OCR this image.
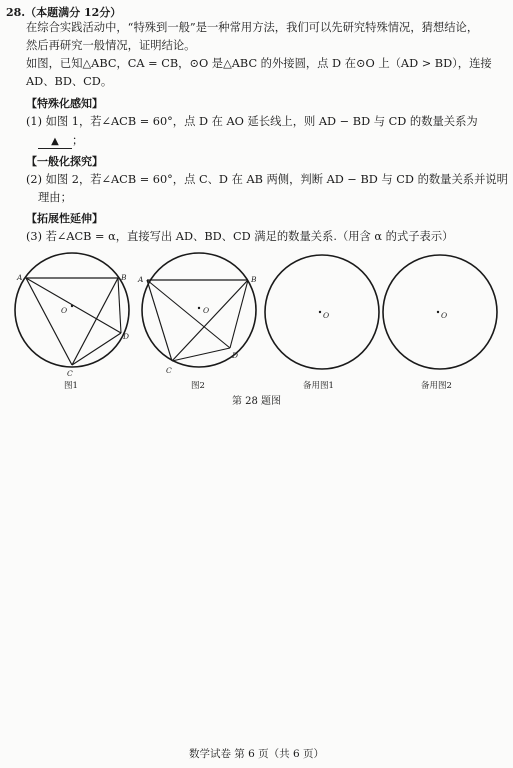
28.（本题满分 12分）
在综合实践活动中，“特殊到一般”是一种常用方法，我们可以先研究特殊情况，猜想结论，
然后再研究一般情况，证明结论。
如图，已知△ABC，CA = CB，⊙O 是△ABC 的外接圆，点 D 在⊙O 上（AD > BD），连接
AD、BD、CD。
【特殊化感知】
(1) 如图 1，若∠ACB = 60°，点 D 在 AO 延长线上，则 AD − BD 与 CD 的数量关系为
▲ ；
【一般化探究】
(2) 如图 2，若∠ACB = 60°，点 C、D 在 AB 两侧，判断 AD − BD 与 CD 的数量关系并说明
理由；
【拓展性延伸】
(3) 若∠ACB = α，直接写出 AD、BD、CD 满足的数量关系.（用含 α 的式子表示）
A	B
C
D
O
A	B
C
D
O
O	O
图1	图2	备用图1	备用图2
第 28 题图
数学试卷 第 6 页（共 6 页）
